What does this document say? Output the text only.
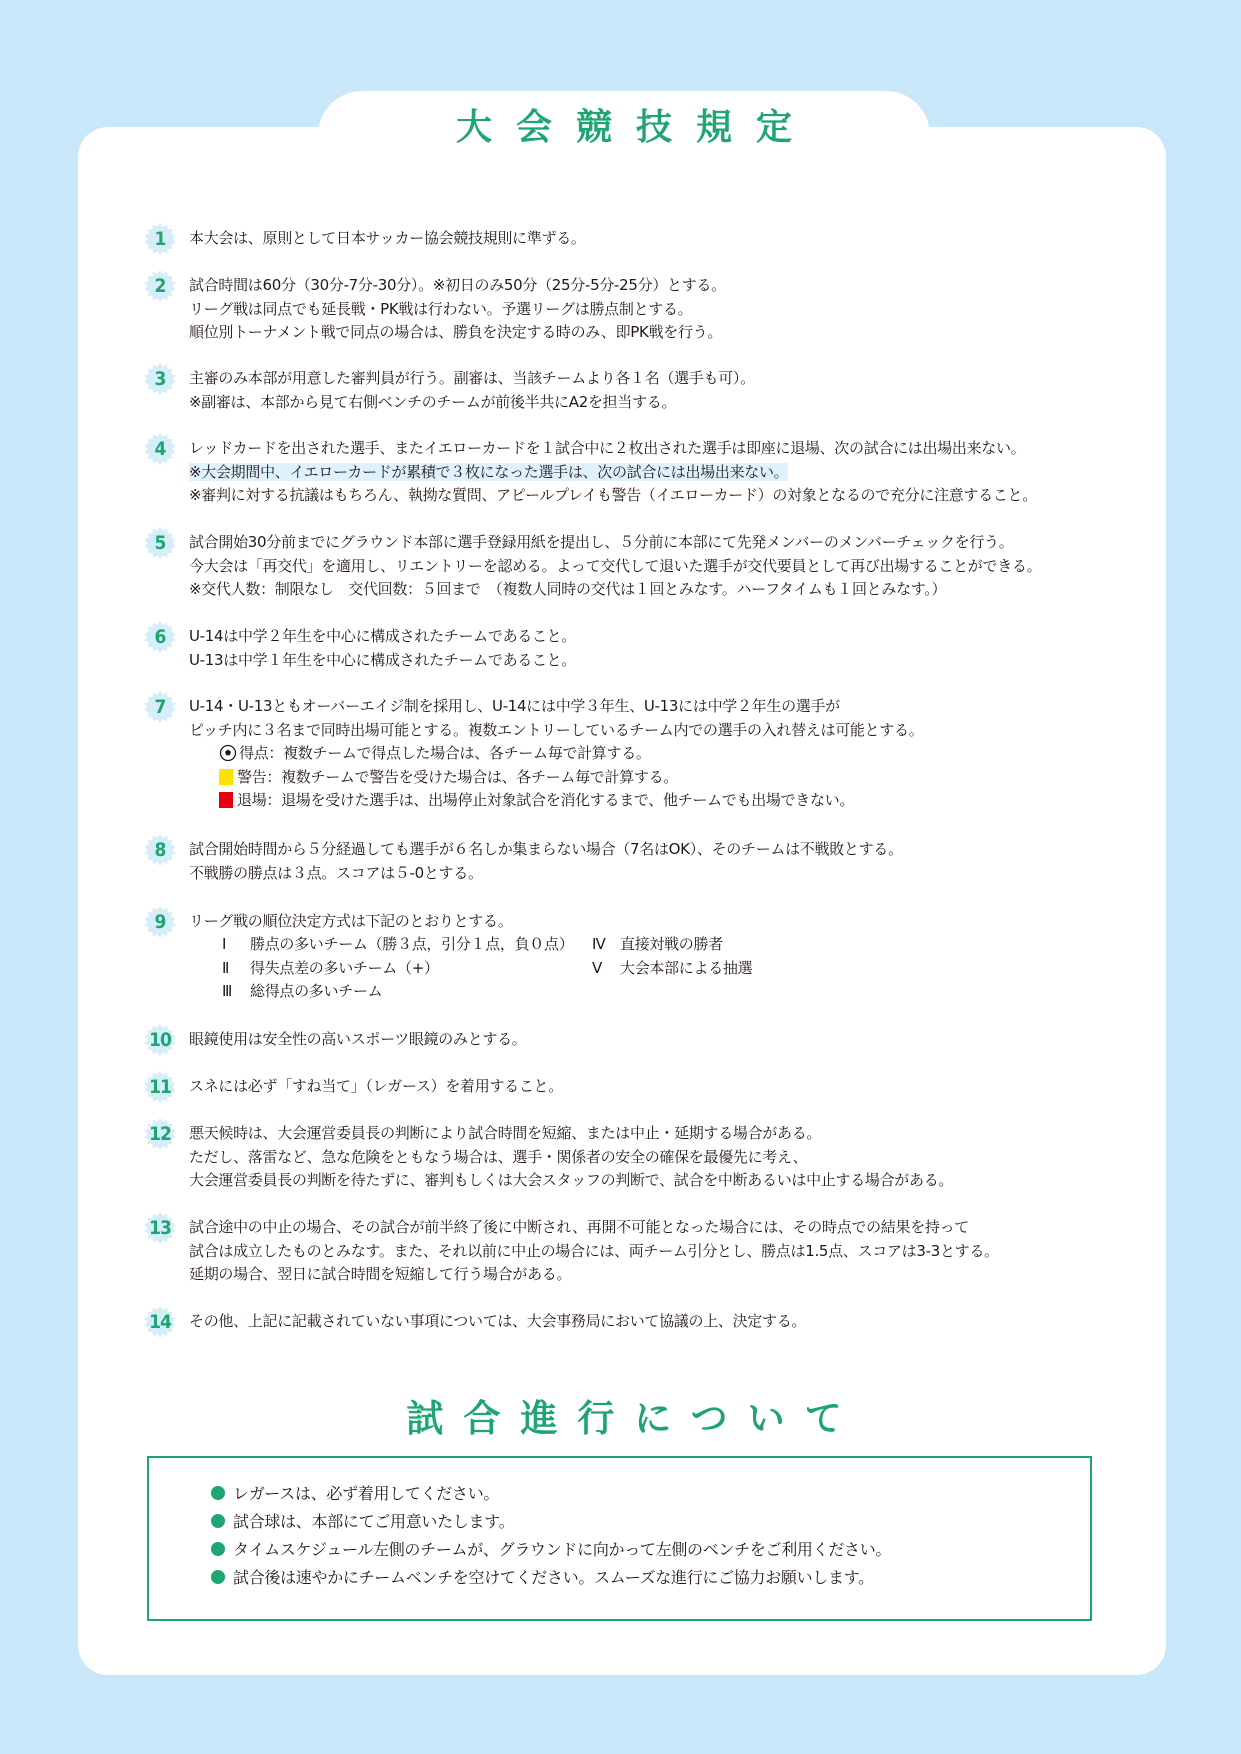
大会競技規定
1	本大会は、原則として日本サッカー協会競技規則に準ずる。
2	試合時間は60分（30分-7分-30分）。※初日のみ50分（25分-5分-25分）とする。
リーグ戦は同点でも延長戦・PK戦は行わない。予選リーグは勝点制とする。
順位別トーナメント戦で同点の場合は、勝負を決定する時のみ、即PK戦を行う。
3	主審のみ本部が用意した審判員が行う。副審は、当該チームより各１名（選手も可）。
※副審は、本部から見て右側ベンチのチームが前後半共にA2を担当する。
4	レッドカードを出された選手、またイエローカードを１試合中に２枚出された選手は即座に退場、次の試合には出場出来ない。
※大会期間中、イエローカードが累積で３枚になった選手は、次の試合には出場出来ない。
※審判に対する抗議はもちろん、執拗な質問、アピールプレイも警告（イエローカード）の対象となるので充分に注意すること。
5	試合開始30分前までにグラウンド本部に選手登録用紙を提出し、５分前に本部にて先発メンバーのメンバーチェックを行う。
今大会は「再交代」を適用し、リエントリーを認める。よって交代して退いた選手が交代要員として再び出場することができる。
※交代人数：制限なし　交代回数：５回まで　（複数人同時の交代は１回とみなす。ハーフタイムも１回とみなす。）
6	U-14は中学２年生を中心に構成されたチームであること。
U-13は中学１年生を中心に構成されたチームであること。
7	U-14・U-13ともオーバーエイジ制を採用し、U-14には中学３年生、U-13には中学２年生の選手が
ピッチ内に３名まで同時出場可能とする。複数エントリーしているチーム内での選手の入れ替えは可能とする。
得点：複数チームで得点した場合は、各チーム毎で計算する。
警告：複数チームで警告を受けた場合は、各チーム毎で計算する。
退場：退場を受けた選手は、出場停止対象試合を消化するまで、他チームでも出場できない。
8	試合開始時間から５分経過しても選手が６名しか集まらない場合（7名はOK）、そのチームは不戦敗とする。
不戦勝の勝点は３点。スコアは５-0とする。
9	リーグ戦の順位決定方式は下記のとおりとする。
Ⅰ 勝点の多いチーム（勝３点，引分１点，負０点）
Ⅱ 得失点差の多いチーム（+）
Ⅲ 総得点の多いチーム
Ⅳ 直接対戦の勝者
Ⅴ 大会本部による抽選
10	眼鏡使用は安全性の高いスポーツ眼鏡のみとする。
11	スネには必ず「すね当て」（レガース）を着用すること。
12	悪天候時は、大会運営委員長の判断により試合時間を短縮、または中止・延期する場合がある。
ただし、落雷など、急な危険をともなう場合は、選手・関係者の安全の確保を最優先に考え、
大会運営委員長の判断を待たずに、審判もしくは大会スタッフの判断で、試合を中断あるいは中止する場合がある。
13	試合途中の中止の場合、その試合が前半終了後に中断され、再開不可能となった場合には、その時点での結果を持って
試合は成立したものとみなす。また、それ以前に中止の場合には、両チーム引分とし、勝点は1.5点、スコアは3-3とする。
延期の場合、翌日に試合時間を短縮して行う場合がある。
14	その他、上記に記載されていない事項については、大会事務局において協議の上、決定する。
試合進行について
レガースは、必ず着用してください。
試合球は、本部にてご用意いたします。
タイムスケジュール左側のチームが、グラウンドに向かって左側のベンチをご利用ください。
試合後は速やかにチームベンチを空けてください。スムーズな進行にご協力お願いします。
